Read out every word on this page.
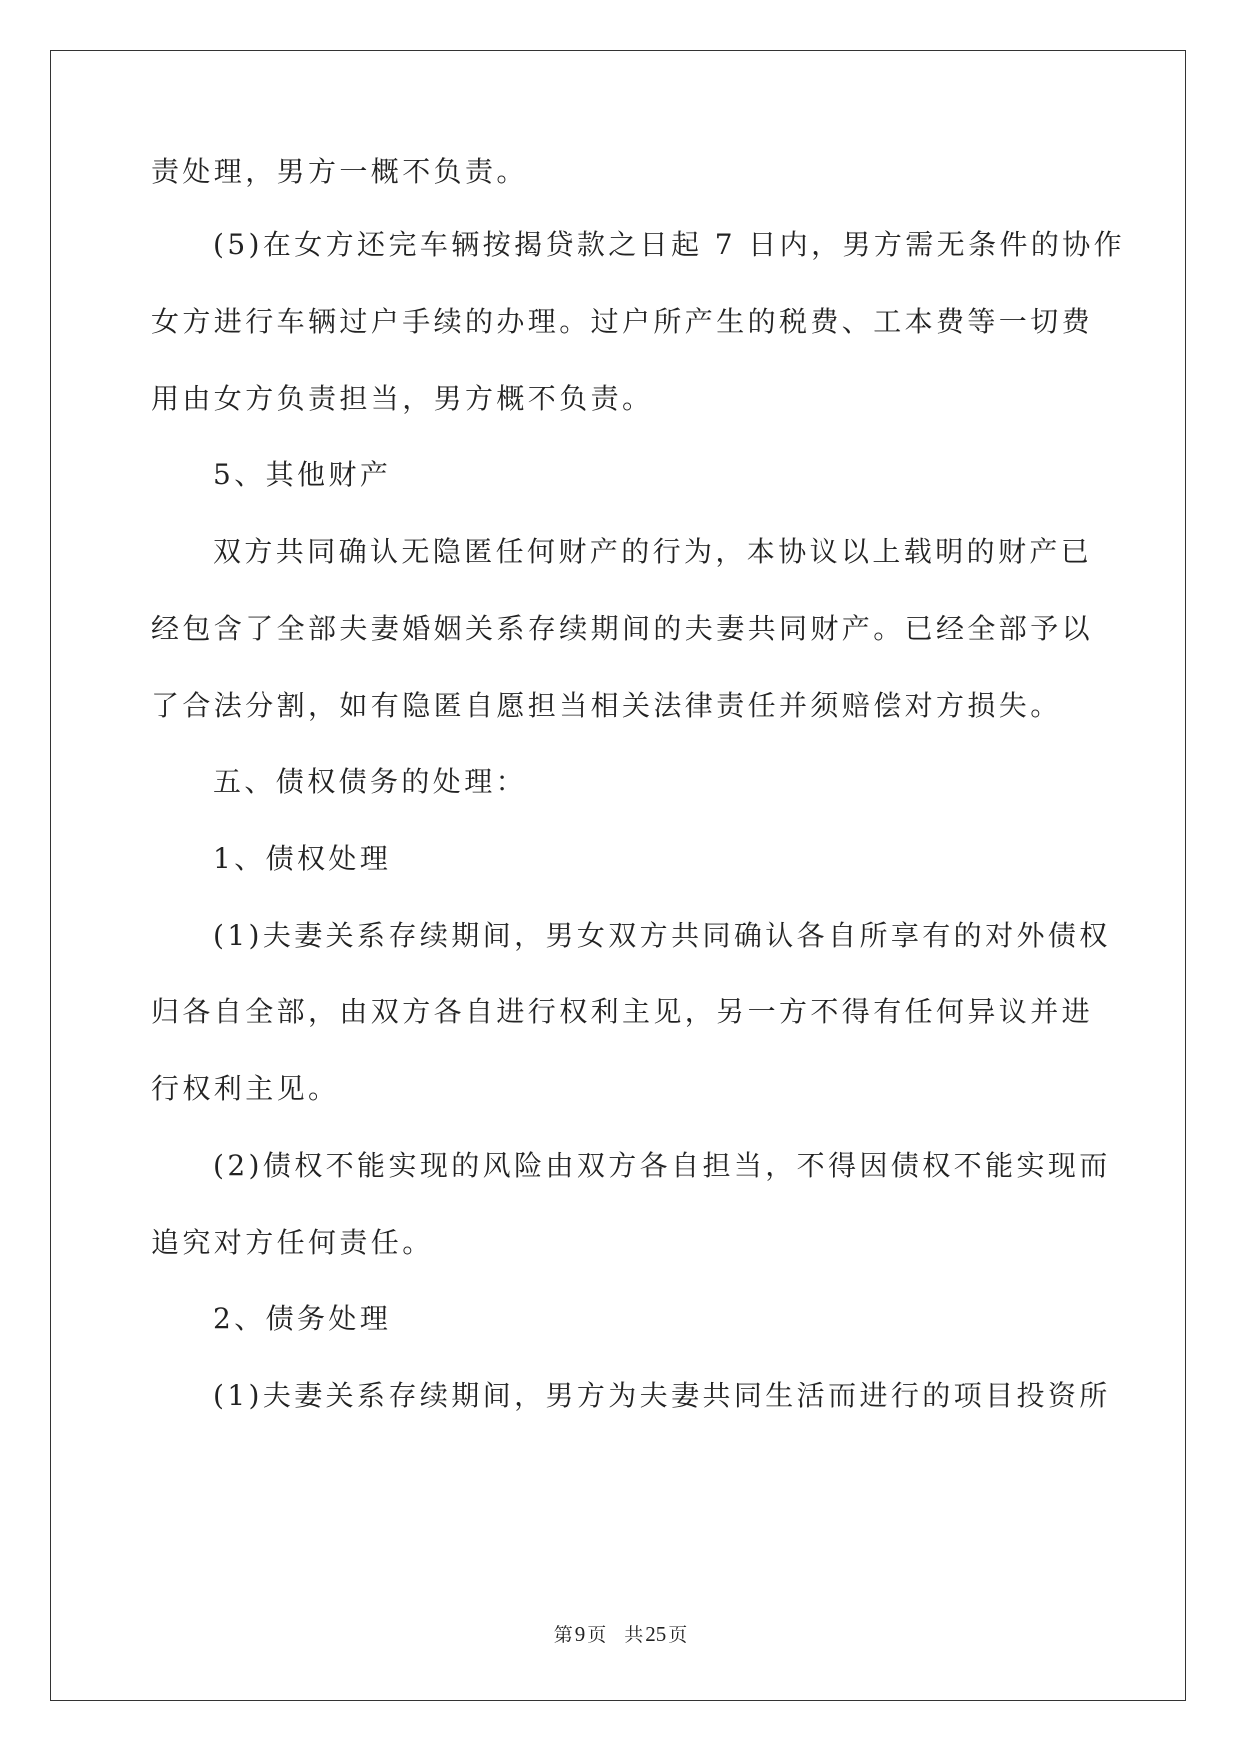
责处理，男方一概不负责。
(5)在女方还完车辆按揭贷款之日起 7 日内，男方需无条件的协作
女方进行车辆过户手续的办理。过户所产生的税费、工本费等一切费
用由女方负责担当，男方概不负责。
5、其他财产
双方共同确认无隐匿任何财产的行为，本协议以上载明的财产已
经包含了全部夫妻婚姻关系存续期间的夫妻共同财产。已经全部予以
了合法分割，如有隐匿自愿担当相关法律责任并须赔偿对方损失。
五、债权债务的处理：
1、债权处理
(1)夫妻关系存续期间，男女双方共同确认各自所享有的对外债权
归各自全部，由双方各自进行权利主见，另一方不得有任何异议并进
行权利主见。
(2)债权不能实现的风险由双方各自担当，不得因债权不能实现而
追究对方任何责任。
2、债务处理
(1)夫妻关系存续期间，男方为夫妻共同生活而进行的项目投资所
第9 页 共25 页
